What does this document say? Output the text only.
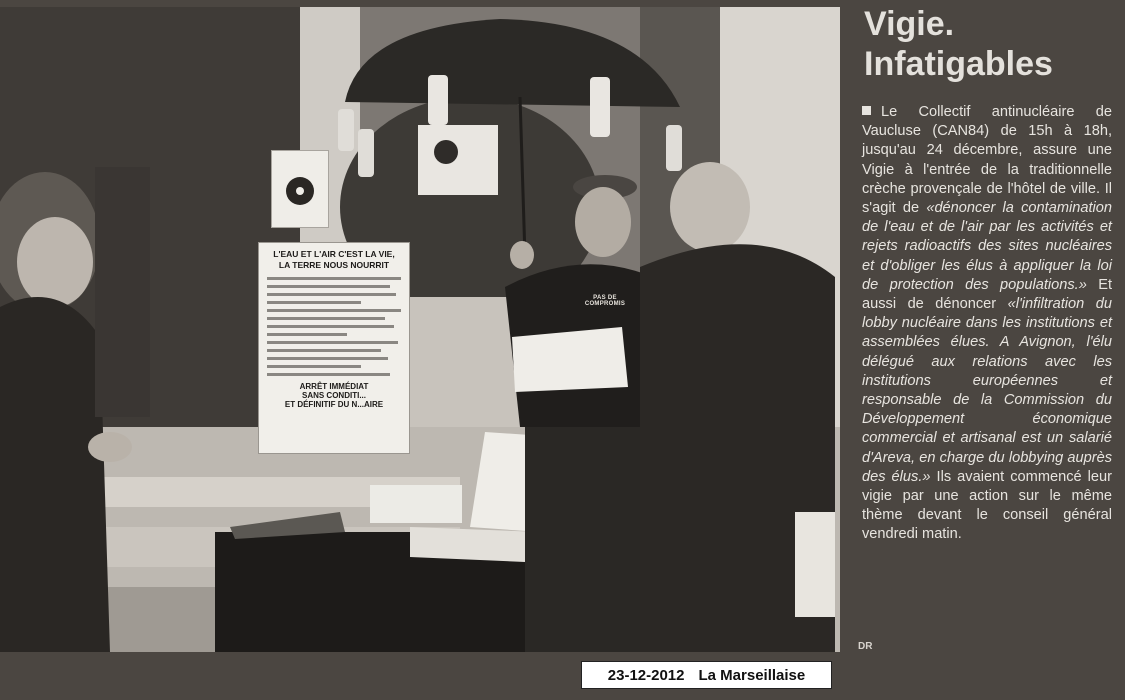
L'EAU ET L'AIR C'EST LA VIE,
LA TERRE NOUS NOURRIT
ARRÊT IMMÉDIAT
SANS CONDITI...
ET DÉFINITIF DU N...AIRE
PAS DE COMPROMIS
Vigie.
Infatigables
Le Collectif antinucléaire de Vaucluse (CAN84) de 15h à 18h, jusqu'au 24 décembre, assure une Vigie à l'entrée de la traditionnelle crèche provençale de l'hôtel de ville. Il s'agit de «dénoncer la contamination de l'eau et de l'air par les activités et rejets radioactifs des sites nucléaires et d'obliger les élus à appliquer la loi de protection des populations.» Et aussi de dénoncer «l'infiltration du lobby nucléaire dans les institutions et assemblées élues. A Avignon, l'élu délégué aux relations avec les institutions européennes et responsable de la Commission du Développement économique commercial et artisanal est un salarié d'Areva, en charge du lobbying auprès des élus.» Ils avaient commencé leur vigie par une action sur le même thème devant le conseil général vendredi matin.
DR
23-12-2012 La Marseillaise
